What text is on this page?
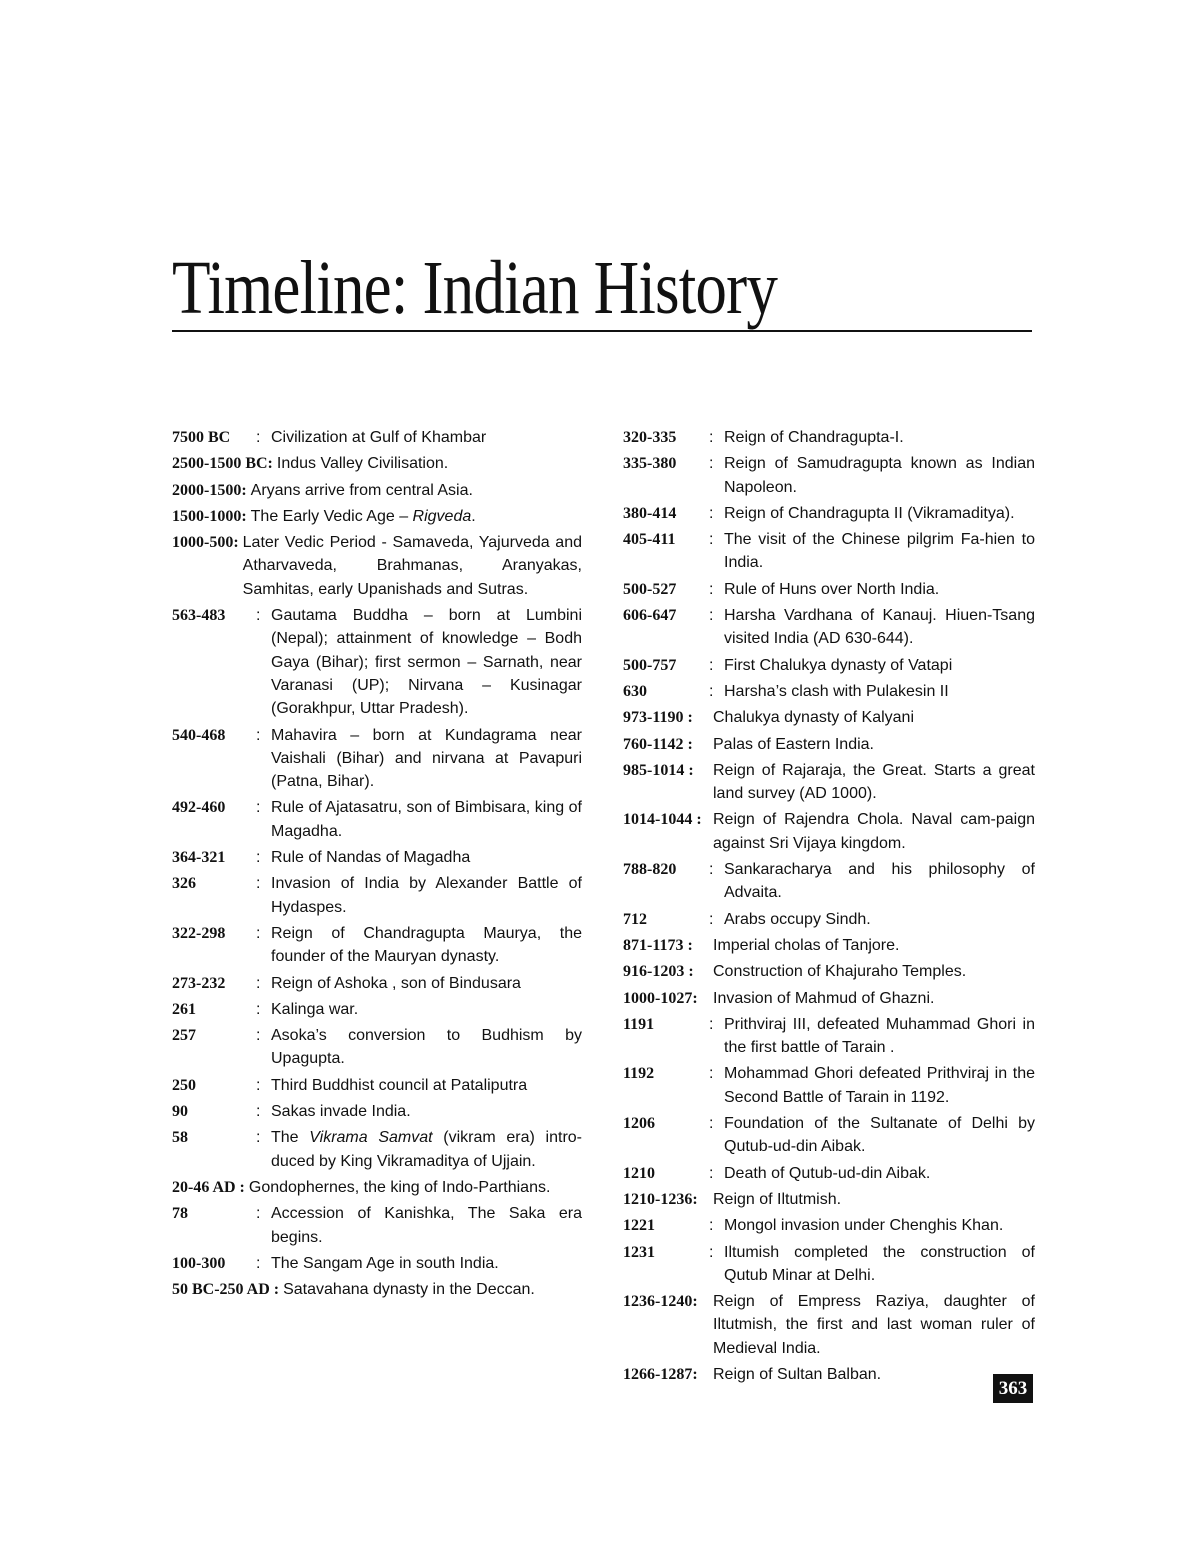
Timeline: Indian History
7500 BC	: Civilization at Gulf of Khambar
2500-1500 BC: Indus Valley Civilisation.
2000-1500: Aryans arrive from central Asia.
1500-1000: The Early Vedic Age – Rigveda.
1000-500: Later Vedic Period - Samaveda, Yajurveda and Atharvaveda, Brahmanas, Aranyakas, Samhitas, early Upanishads and Sutras.
563-483	: Gautama Buddha – born at Lumbini (Nepal); attainment of knowledge – Bodh Gaya (Bihar); first sermon – Sarnath, near Varanasi (UP); Nirvana – Kusinagar (Gorakhpur, Uttar Pradesh).
540-468	: Mahavira – born at Kundagrama near Vaishali (Bihar) and nirvana at Pavapuri (Patna, Bihar).
492-460	: Rule of Ajatasatru, son of Bimbisara, king of Magadha.
364-321	: Rule of Nandas of Magadha
326	: Invasion of India by Alexander Battle of Hydaspes.
322-298	: Reign of Chandragupta Maurya, the founder of the Mauryan dynasty.
273-232	: Reign of Ashoka , son of Bindusara
261	: Kalinga war.
257	: Asoka’s conversion to Budhism by Upagupta.
250	: Third Buddhist council at Pataliputra
90	: Sakas invade India.
58	: The Vikrama Samvat (vikram era) intro-duced by King Vikramaditya of Ujjain.
20-46 AD : Gondophernes, the king of Indo-Parthians.
78	: Accession of Kanishka, The Saka era begins.
100-300	: The Sangam Age in south India.
50 BC-250 AD : Satavahana dynasty in the Deccan.
320-335	: Reign of Chandragupta-I.
335-380	: Reign of Samudragupta known as Indian Napoleon.
380-414	: Reign of Chandragupta II (Vikramaditya).
405-411	: The visit of the Chinese pilgrim Fa-hien to India.
500-527	: Rule of Huns over North India.
606-647	: Harsha Vardhana of Kanauj. Hiuen-Tsang visited India (AD 630-644).
500-757	: First Chalukya dynasty of Vatapi
630	: Harsha’s clash with Pulakesin II
973-1190 :	Chalukya dynasty of Kalyani
760-1142 :	Palas of Eastern India.
985-1014 :	Reign of Rajaraja, the Great. Starts a great land survey (AD 1000).
1014-1044 : Reign of Rajendra Chola. Naval cam-paign against Sri Vijaya kingdom.
788-820	: Sankaracharya and his philosophy of Advaita.
712	: Arabs occupy Sindh.
871-1173 :	Imperial cholas of Tanjore.
916-1203 :	Construction of Khajuraho Temples.
1000-1027: Invasion of Mahmud of Ghazni.
1191	: Prithviraj III, defeated Muhammad Ghori in the first battle of Tarain .
1192	: Mohammad Ghori defeated Prithviraj in the Second Battle of Tarain in 1192.
1206	: Foundation of the Sultanate of Delhi by Qutub-ud-din Aibak.
1210	: Death of Qutub-ud-din Aibak.
1210-1236: Reign of Iltutmish.
1221	: Mongol invasion under Chenghis Khan.
1231	: Iltumish completed the construction of Qutub Minar at Delhi.
1236-1240: Reign of Empress Raziya, daughter of Iltutmish, the first and last woman ruler of Medieval India.
1266-1287: Reign of Sultan Balban.
363
